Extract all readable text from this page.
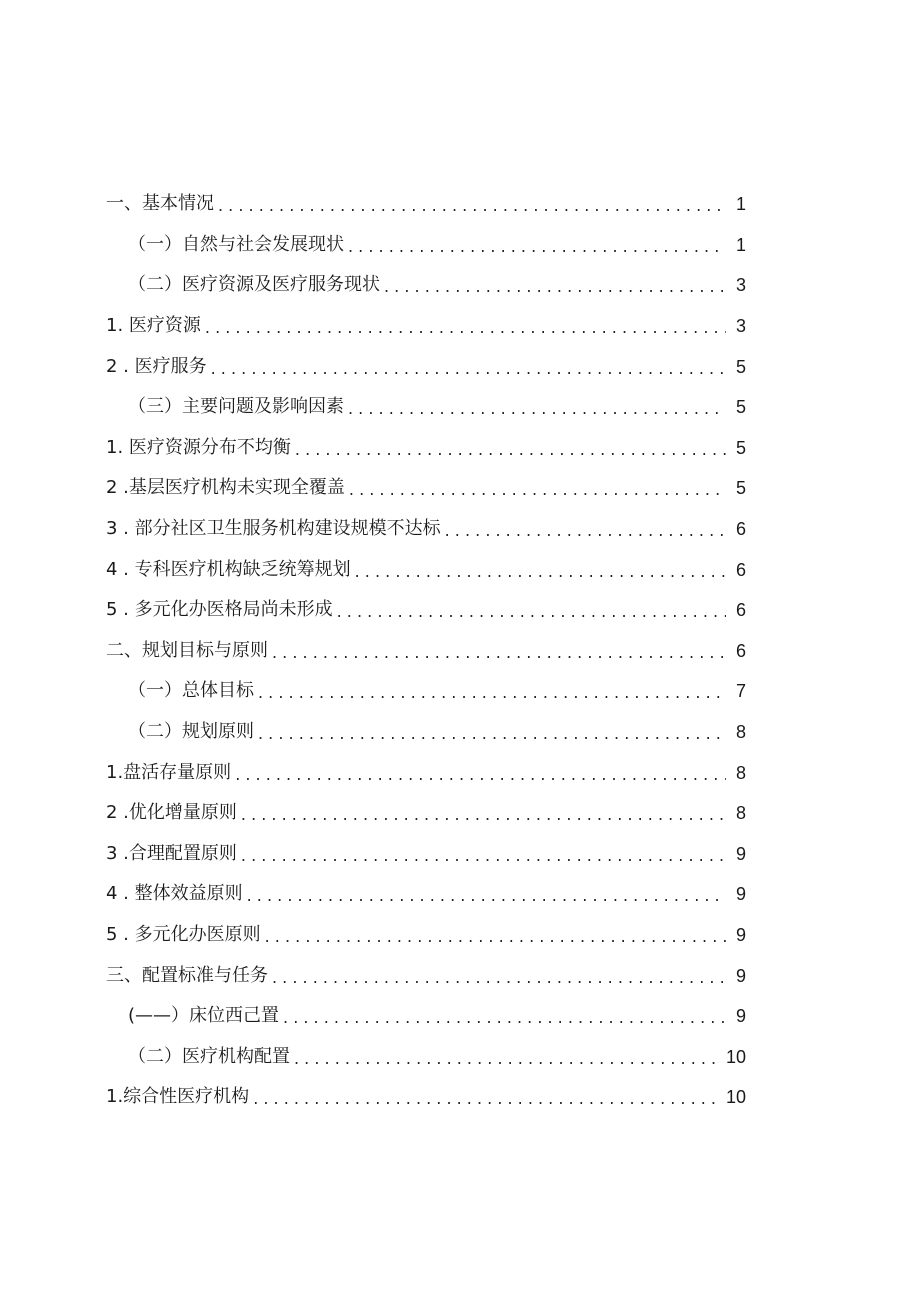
一、基本情况 . . .	1
（一）自然与社会发展现状 . . .	1
（二）医疗资源及医疗服务现状 . . .	3
1. 医疗资源 . . .	3
2 . 医疗服务 . . .	5
（三）主要问题及影响因素 . . .	5
1. 医疗资源分布不均衡 . . .	5
2 .基层医疗机构未实现全覆盖 . . .	5
3 . 部分社区卫生服务机构建设规模不达标 . . .	6
4 . 专科医疗机构缺乏统筹规划 . . .	6
5 . 多元化办医格局尚未形成 . . .	6
二、规划目标与原则 . . .	6
（一）总体目标 . . .	7
（二）规划原则 . . .	8
1.盘活存量原则 . . .	8
2 .优化增量原则 . . .	8
3 .合理配置原则 . . .	9
4 . 整体效益原则 . . .	9
5 . 多元化办医原则 . . .	9
三、配置标准与任务 . . .	9
(——）床位西己置 . . .	9
（二）医疗机构配置 . . .	10
1.综合性医疗机构 . . .	10
